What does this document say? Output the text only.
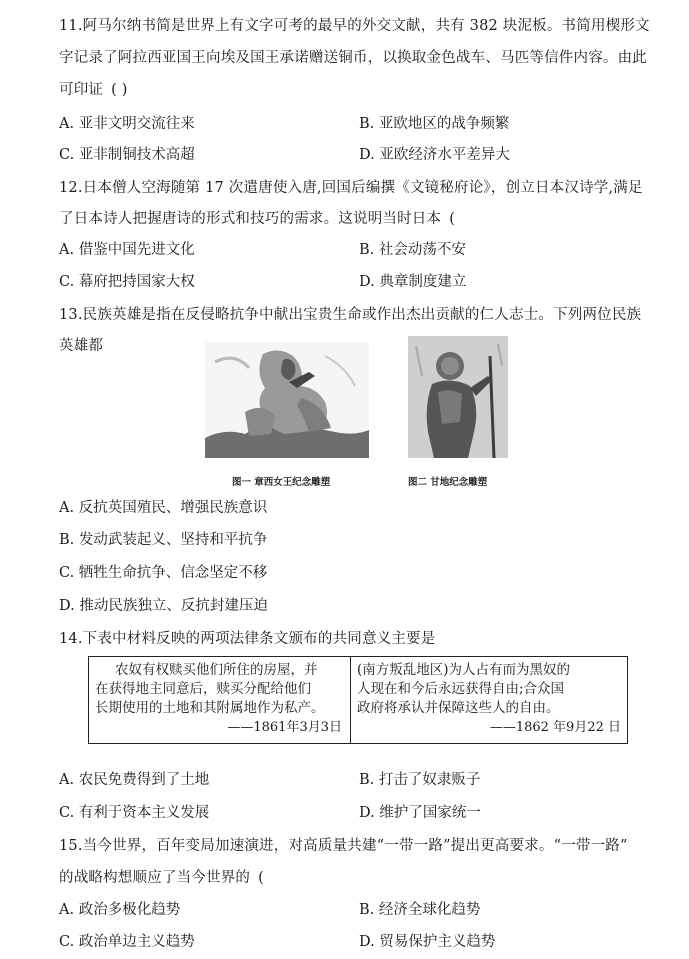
11.阿马尔纳书简是世界上有文字可考的最早的外交文献，共有 382 块泥板。书简用楔形文
字记录了阿拉西亚国王向埃及国王承诺赠送铜币，以换取金色战车、马匹等信件内容。由此
可印证 ( )
A. 亚非文明交流往来	B. 亚欧地区的战争频繁
C. 亚非制铜技术高超	D. 亚欧经济水平差异大
12.日本僧人空海随第 17 次遣唐使入唐,回国后编撰《文镜秘府论》，创立日本汉诗学,满足
了日本诗人把握唐诗的形式和技巧的需求。这说明当时日本 (
A. 借鉴中国先进文化	B. 社会动荡不安
C. 幕府把持国家大权	D. 典章制度建立
13.民族英雄是指在反侵略抗争中献出宝贵生命或作出杰出贡献的仁人志士。下列两位民族
英雄都
图一 章西女王纪念雕塑	图二 甘地纪念雕塑
A. 反抗英国殖民、增强民族意识
B. 发动武装起义、坚持和平抗争
C. 牺牲生命抗争、信念坚定不移
D. 推动民族独立、反抗封建压迫
14.下表中材料反映的两项法律条文颁布的共同意义主要是
农奴有权赎买他们所住的房屋，并
在获得地主同意后，赎买分配给他们
长期使用的土地和其附属地作为私产。
——1861年3月3日
(南方叛乱地区)为人占有而为黑奴的
人现在和今后永远获得自由;合众国
政府将承认并保障这些人的自由。
——1862 年9月22 日
A. 农民免费得到了土地	B. 打击了奴隶贩子
C. 有利于资本主义发展	D. 维护了国家统一
15.当今世界，百年变局加速演进，对高质量共建“一带一路”提出更高要求。“一带一路”
的战略构想顺应了当今世界的 (
A. 政治多极化趋势	B. 经济全球化趋势
C. 政治单边主义趋势	D. 贸易保护主义趋势
